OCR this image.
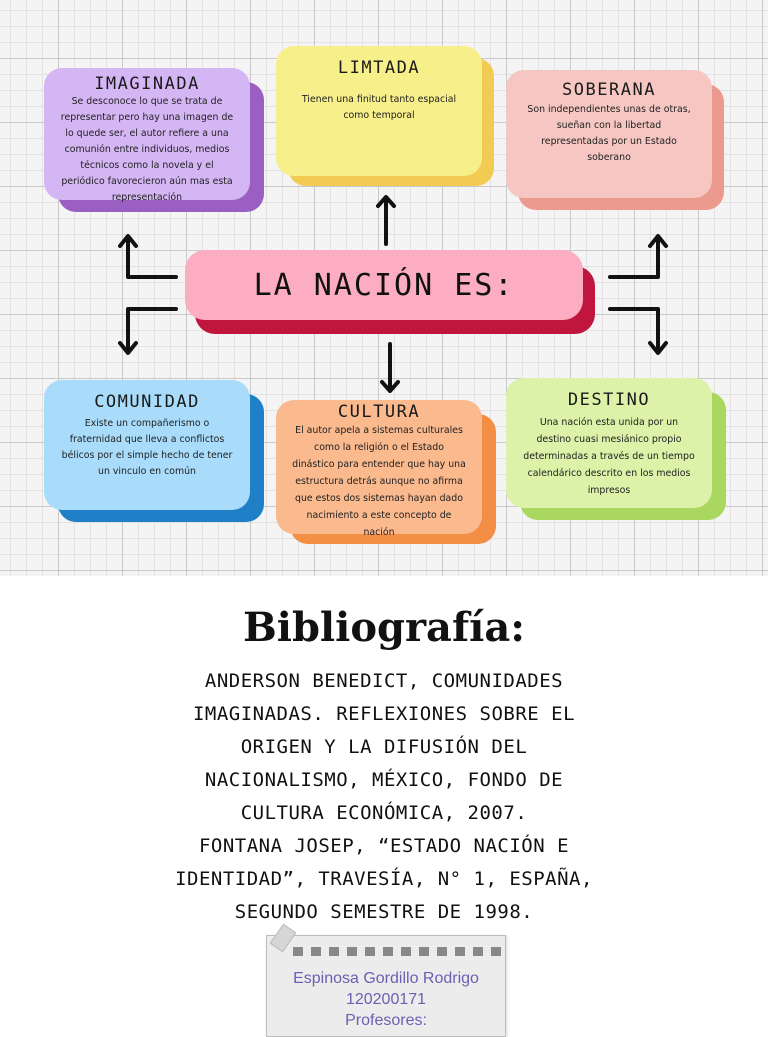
IMAGINADA

Se desconoce lo que se trata de
representar pero hay una imagen de
lo quede ser, el autor refiere a una
comunión entre individuos, medios
técnicos como la novela y el
periódico favorecieron aún mas esta
representación

LIMTADA

Tienen una finitud tanto espacial
como temporal

SOBERANA

Son independientes unas de otras,
sueñan con la libertad
representadas por un Estado
soberano

LA NACIÓN ES:
COMUNIDAD

Existe un compañerismo o
fraternidad que lleva a conflictos
bélicos por el simple hecho de tener
un vinculo en común

CULTURA

El autor apela a sistemas culturales
como la religión o el Estado
dinástico para entender que hay una
estructura detrás aunque no afirma
que estos dos sistemas hayan dado
nacimiento a este concepto de
nación

DESTINO

Una nación esta unida por un
destino cuasi mesiánico propio
determinadas a través de un tiempo
calendárico descrito en los medios
impresos

Bibliografía:
ANDERSON BENEDICT, COMUNIDADES
IMAGINADAS. REFLEXIONES SOBRE EL
ORIGEN Y LA DIFUSIÓN DEL
NACIONALISMO, MÉXICO, FONDO DE
CULTURA ECONÓMICA, 2007.
FONTANA JOSEP, “ESTADO NACIÓN E
IDENTIDAD”, TRAVESÍA, N° 1, ESPAÑA,
SEGUNDO SEMESTRE DE 1998.
Espinosa Gordillo Rodrigo
120200171
Profesores:
